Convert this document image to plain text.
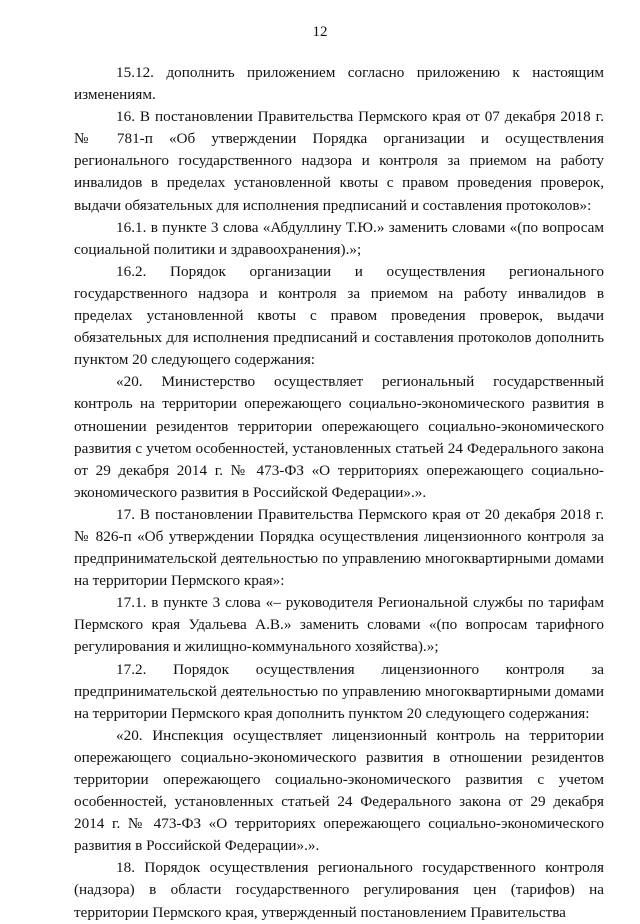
12

15.12. дополнить приложением согласно приложению к настоящим изменениям.

16. В постановлении Правительства Пермского края от 07 декабря 2018 г. № 781-п «Об утверждении Порядка организации и осуществления регионального государственного надзора и контроля за приемом на работу инвалидов в пределах установленной квоты с правом проведения проверок, выдачи обязательных для исполнения предписаний и составления протоколов»:

16.1. в пункте 3 слова «Абдуллину Т.Ю.» заменить словами «(по вопросам социальной политики и здравоохранения).»;

16.2. Порядок организации и осуществления регионального государственного надзора и контроля за приемом на работу инвалидов в пределах установленной квоты с правом проведения проверок, выдачи обязательных для исполнения предписаний и составления протоколов дополнить пунктом 20 следующего содержания:

«20. Министерство осуществляет региональный государственный контроль на территории опережающего социально-экономического развития в отношении резидентов территории опережающего социально-экономического развития с учетом особенностей, установленных статьей 24 Федерального закона от 29 декабря 2014 г. № 473-ФЗ «О территориях опережающего социально-экономического развития в Российской Федерации».».

17. В постановлении Правительства Пермского края от 20 декабря 2018 г. № 826-п «Об утверждении Порядка осуществления лицензионного контроля за предпринимательской деятельностью по управлению многоквартирными домами на территории Пермского края»:

17.1. в пункте 3 слова «– руководителя Региональной службы по тарифам Пермского края Удальева А.В.» заменить словами «(по вопросам тарифного регулирования и жилищно-коммунального хозяйства).»;

17.2. Порядок осуществления лицензионного контроля за предпринимательской деятельностью по управлению многоквартирными домами на территории Пермского края дополнить пунктом 20 следующего содержания:

«20. Инспекция осуществляет лицензионный контроль на территории опережающего социально-экономического развития в отношении резидентов территории опережающего социально-экономического развития с учетом особенностей, установленных статьей 24 Федерального закона от 29 декабря 2014 г. № 473-ФЗ «О территориях опережающего социально-экономического развития в Российской Федерации».».

18. Порядок осуществления регионального государственного контроля (надзора) в области государственного регулирования цен (тарифов) на территории Пермского края, утвержденный постановлением Правительства
